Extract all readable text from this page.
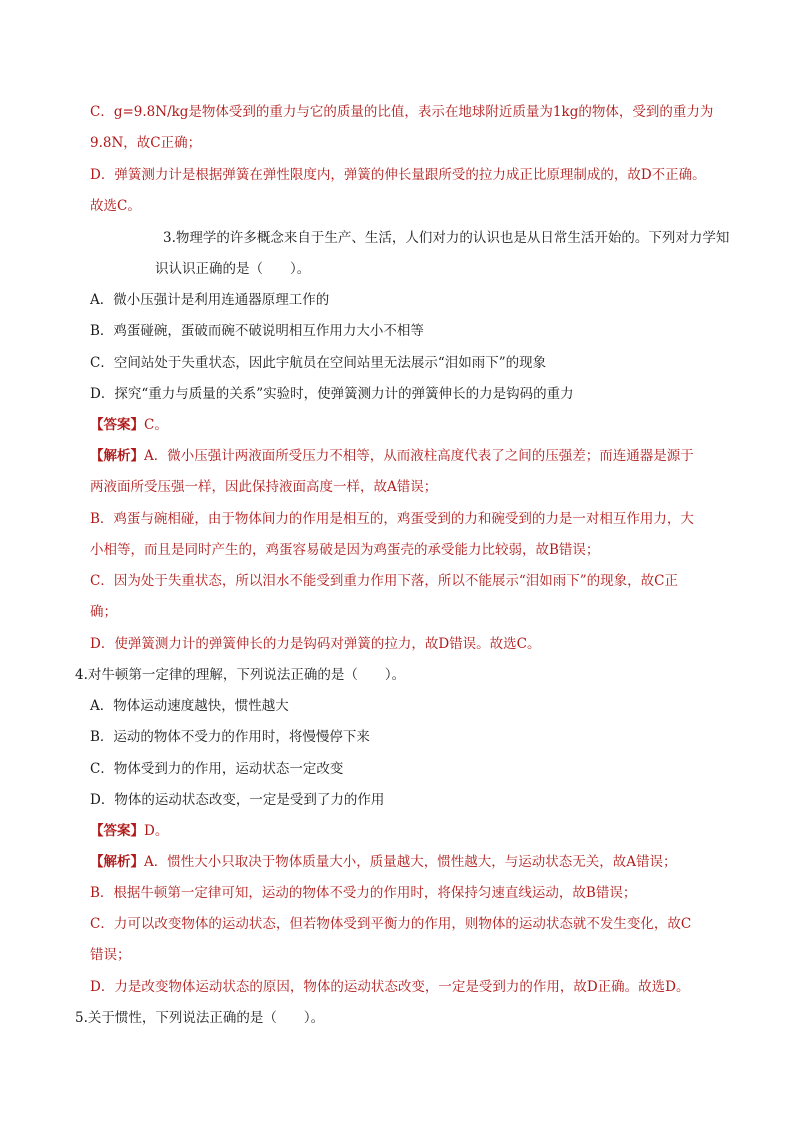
C．g=9.8N/kg是物体受到的重力与它的质量的比值，表示在地球附近质量为1kg的物体，受到的重力为
9.8N，故C正确；
D．弹簧测力计是根据弹簧在弹性限度内，弹簧的伸长量跟所受的拉力成正比原理制成的，故D不正确。
故选C。
3.物理学的许多概念来自于生产、生活，人们对力的认识也是从日常生活开始的。下列对力学知
识认识正确的是（　　）。
A．微小压强计是利用连通器原理工作的
B．鸡蛋碰碗，蛋破而碗不破说明相互作用力大小不相等
C．空间站处于失重状态，因此宇航员在空间站里无法展示“泪如雨下”的现象
D．探究“重力与质量的关系”实验时，使弹簧测力计的弹簧伸长的力是钩码的重力
【答案】C。
【解析】A．微小压强计两液面所受压力不相等，从而液柱高度代表了之间的压强差；而连通器是源于
两液面所受压强一样，因此保持液面高度一样，故A错误；
B．鸡蛋与碗相碰，由于物体间力的作用是相互的，鸡蛋受到的力和碗受到的力是一对相互作用力，大
小相等，而且是同时产生的，鸡蛋容易破是因为鸡蛋壳的承受能力比较弱，故B错误；
C．因为处于失重状态，所以泪水不能受到重力作用下落，所以不能展示“泪如雨下”的现象，故C正
确；
D．使弹簧测力计的弹簧伸长的力是钩码对弹簧的拉力，故D错误。故选C。
4.对牛顿第一定律的理解，下列说法正确的是（　　）。
A．物体运动速度越快，惯性越大
B．运动的物体不受力的作用时，将慢慢停下来
C．物体受到力的作用，运动状态一定改变
D．物体的运动状态改变，一定是受到了力的作用
【答案】D。
【解析】A．惯性大小只取决于物体质量大小，质量越大，惯性越大，与运动状态无关，故A错误；
B．根据牛顿第一定律可知，运动的物体不受力的作用时，将保持匀速直线运动，故B错误；
C．力可以改变物体的运动状态，但若物体受到平衡力的作用，则物体的运动状态就不发生变化，故C
错误；
D．力是改变物体运动状态的原因，物体的运动状态改变，一定是受到力的作用，故D正确。故选D。
5.关于惯性，下列说法正确的是（　　）。
